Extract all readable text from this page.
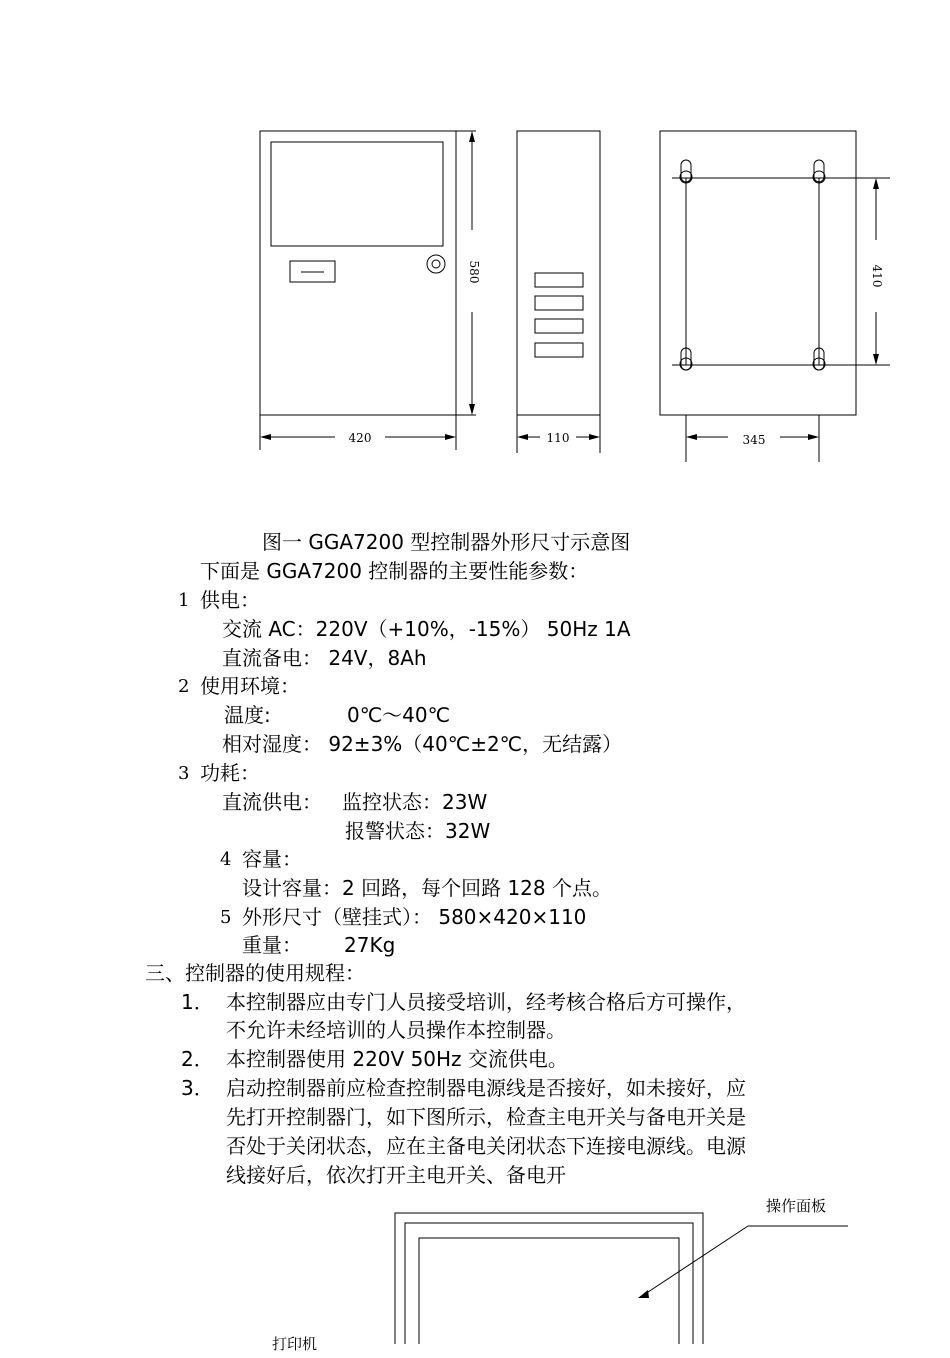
420	110	345
580	410
图一 GGA7200 型控制器外形尺寸示意图
下面是 GGA7200 控制器的主要性能参数：
1 供电：
交流 AC：220V（+10%，-15%） 50Hz 1A
直流备电： 24V，8Ah
2 使用环境：
温度:	0℃～40℃
相对湿度： 92±3%（40℃±2℃，无结露）
3 功耗：
直流供电： 监控状态：23W
报警状态：32W
4 容量：
设计容量：2 回路，每个回路 128 个点。
5 外形尺寸（壁挂式）： 580×420×110
重量： 27Kg
三、控制器的使用规程：
1． 本控制器应由专门人员接受培训，经考核合格后方可操作，
不允许未经培训的人员操作本控制器。
2． 本控制器使用 220V 50Hz 交流供电。
3． 启动控制器前应检查控制器电源线是否接好，如未接好，应
先打开控制器门，如下图所示，检查主电开关与备电开关是
否处于关闭状态，应在主备电关闭状态下连接电源线。电源
线接好后，依次打开主电开关、备电开
操作面板
打印机
